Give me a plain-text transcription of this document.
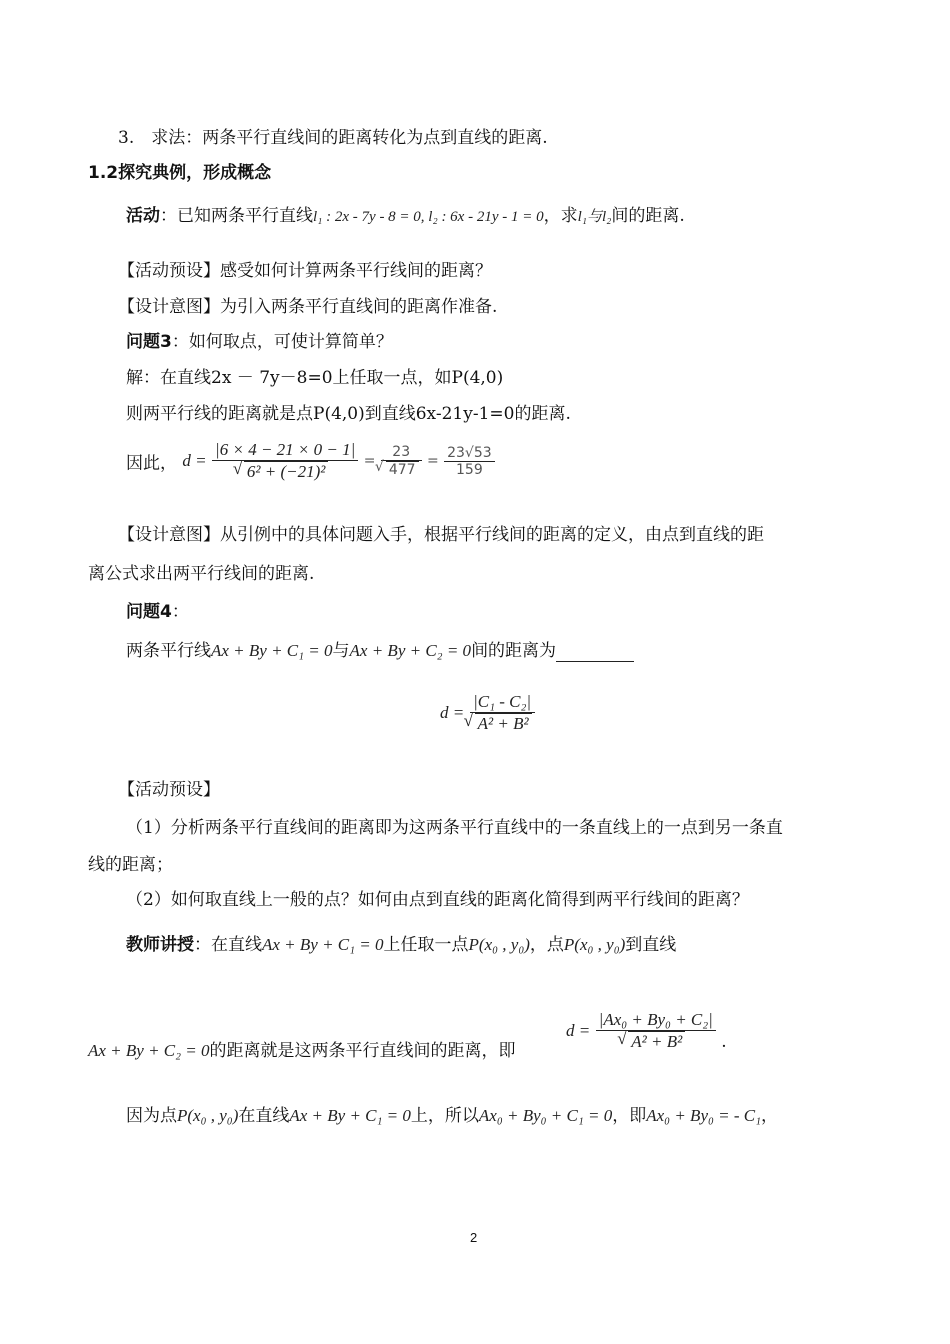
3.　求法：两条平行直线间的距离转化为点到直线的距离.
1.2探究典例，形成概念
活动：已知两条平行直线l₁ : 2x - 7y - 8 = 0, l₂ : 6x - 21y - 1 = 0，求l₁与l₂间的距离.
【活动预设】感受如何计算两条平行线间的距离？
【设计意图】为引入两条平行直线间的距离作准备.
问题3：如何取点，可使计算简单？
解：在直线2x － 7y－8=0上任取一点，如P(4,0)
则两平行线的距离就是点P(4,0)到直线6x-21y-1=0的距离.
因此， d = |6 × 4 − 21 × 0 − 1|
√ 6² + (−21)² = 23
√ $477 = \frac{23√53}{159}$
【设计意图】从引例中的具体问题入手，根据平行线间的距离的定义，由点到直线的距
离公式求出两平行线间的距离.
问题4：
两条平行线Ax + By + C₁ = 0与Ax + By + C₂ = 0间的距离为
d = |C₁ - C₂|
√ A² + B²
【活动预设】
（1）分析两条平行直线间的距离即为这两条平行直线中的一条直线上的一点到另一条直
线的距离；
（2）如何取直线上一般的点？如何由点到直线的距离化简得到两平行线间的距离？
教师讲授：在直线Ax + By + C₁ = 0上任取一点P(x₀ , y₀)，点P(x₀ , y₀)到直线
Ax + By + C₂ = 0的距离就是这两条平行直线间的距离，即
d = |Ax₀ + By₀ + C₂|
√ A² + B² .
因为点P(x₀ , y₀)在直线Ax + By + C₁ = 0上，所以Ax₀ + By₀ + C₁ = 0，即Ax₀ + By₀ = - C₁，
2
